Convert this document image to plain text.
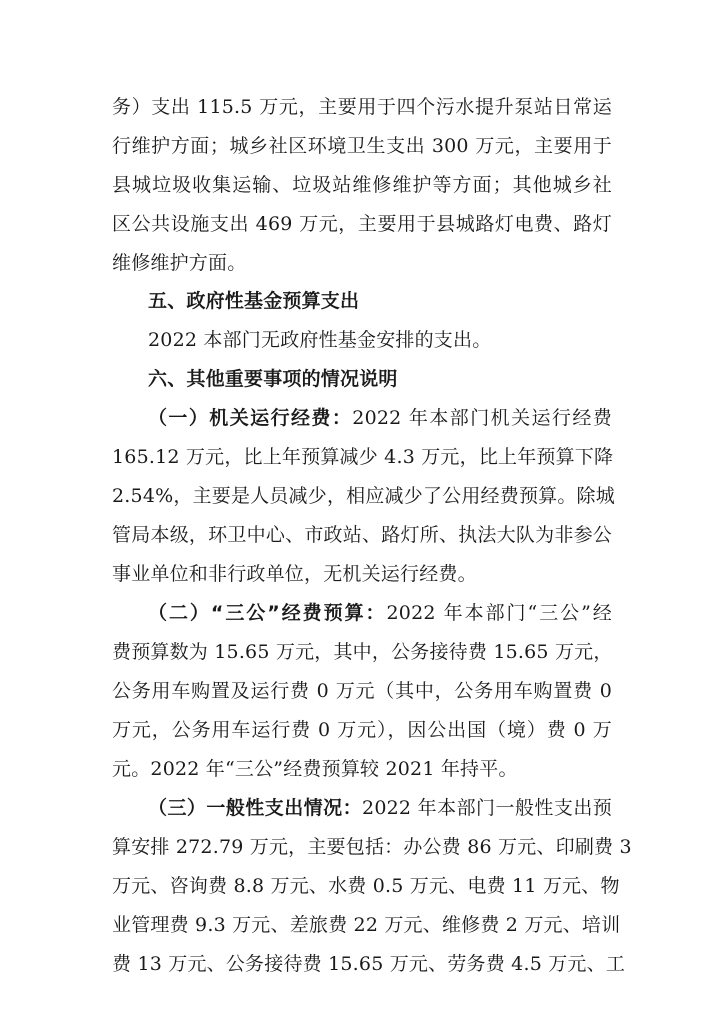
务）支出 115.5 万元，主要用于四个污水提升泵站日常运
行维护方面；城乡社区环境卫生支出 300 万元，主要用于
县城垃圾收集运输、垃圾站维修维护等方面；其他城乡社
区公共设施支出 469 万元，主要用于县城路灯电费、路灯
维修维护方面。
五、政府性基金预算支出
2022 本部门无政府性基金安排的支出。
六、其他重要事项的情况说明
（一）机关运行经费：2022 年本部门机关运行经费
165.12 万元，比上年预算减少 4.3 万元，比上年预算下降
2.54%，主要是人员减少，相应减少了公用经费预算。除城
管局本级，环卫中心、市政站、路灯所、执法大队为非参公
事业单位和非行政单位，无机关运行经费。
（二）“三公”经费预算：2022 年本部门“三公”经
费预算数为 15.65 万元，其中，公务接待费 15.65 万元，
公务用车购置及运行费 0 万元（其中，公务用车购置费 0
万元，公务用车运行费 0 万元），因公出国（境）费 0 万
元。2022 年“三公”经费预算较 2021 年持平。
（三）一般性支出情况：2022 年本部门一般性支出预
算安排 272.79 万元，主要包括：办公费 86 万元、印刷费 3
万元、咨询费 8.8 万元、水费 0.5 万元、电费 11 万元、物
业管理费 9.3 万元、差旅费 22 万元、维修费 2 万元、培训
费 13 万元、公务接待费 15.65 万元、劳务费 4.5 万元、工
